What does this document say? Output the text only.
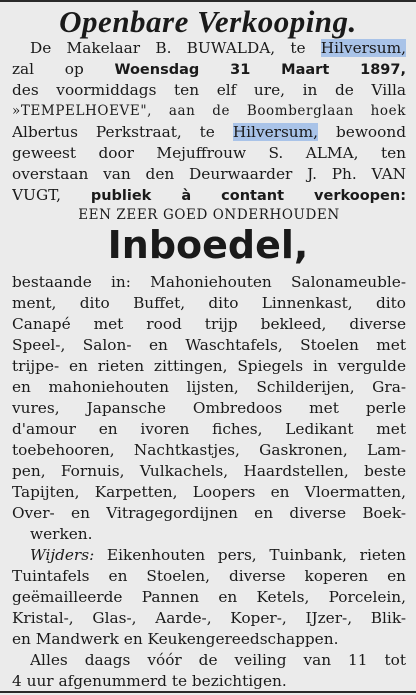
Openbare Verkooping.
De Makelaar B. BUWALDA, te Hilversum,
zal op Woensdag 31 Maart 1897,
des voormiddags ten elf ure, in de Villa
»TEMPELHOEVE", aan de Boomberglaan hoek
Albertus Perkstraat, te Hilversum, bewoond
geweest door Mejuffrouw S. ALMA, ten
overstaan van den Deurwaarder J. Ph. VAN
VUGT, publiek à contant verkoopen:
EEN ZEER GOED ONDERHOUDEN
Inboedel,
bestaande in: Mahoniehouten Salonameuble-
ment, dito Buffet, dito Linnenkast, dito
Canapé met rood trijp bekleed, diverse
Speel-, Salon- en Waschtafels, Stoelen met
trijpe- en rieten zittingen, Spiegels in vergulde
en mahoniehouten lijsten, Schilderijen, Gra-
vures, Japansche Ombredoos met perle
d'amour en ivoren fiches, Ledikant met
toebehooren, Nachtkastjes, Gaskronen, Lam-
pen, Fornuis, Vulkachels, Haardstellen, beste
Tapijten, Karpetten, Loopers en Vloermatten,
Over- en Vitragegordijnen en diverse Boek-
werken.
Wijders: Eikenhouten pers, Tuinbank, rieten
Tuintafels en Stoelen, diverse koperen en
geëmailleerde Pannen en Ketels, Porcelein,
Kristal-, Glas-, Aarde-, Koper-, IJzer-, Blik-
en Mandwerk en Keukengereedschappen.
Alles daags vóór de veiling van 11 tot
4 uur afgenummerd te bezichtigen.
